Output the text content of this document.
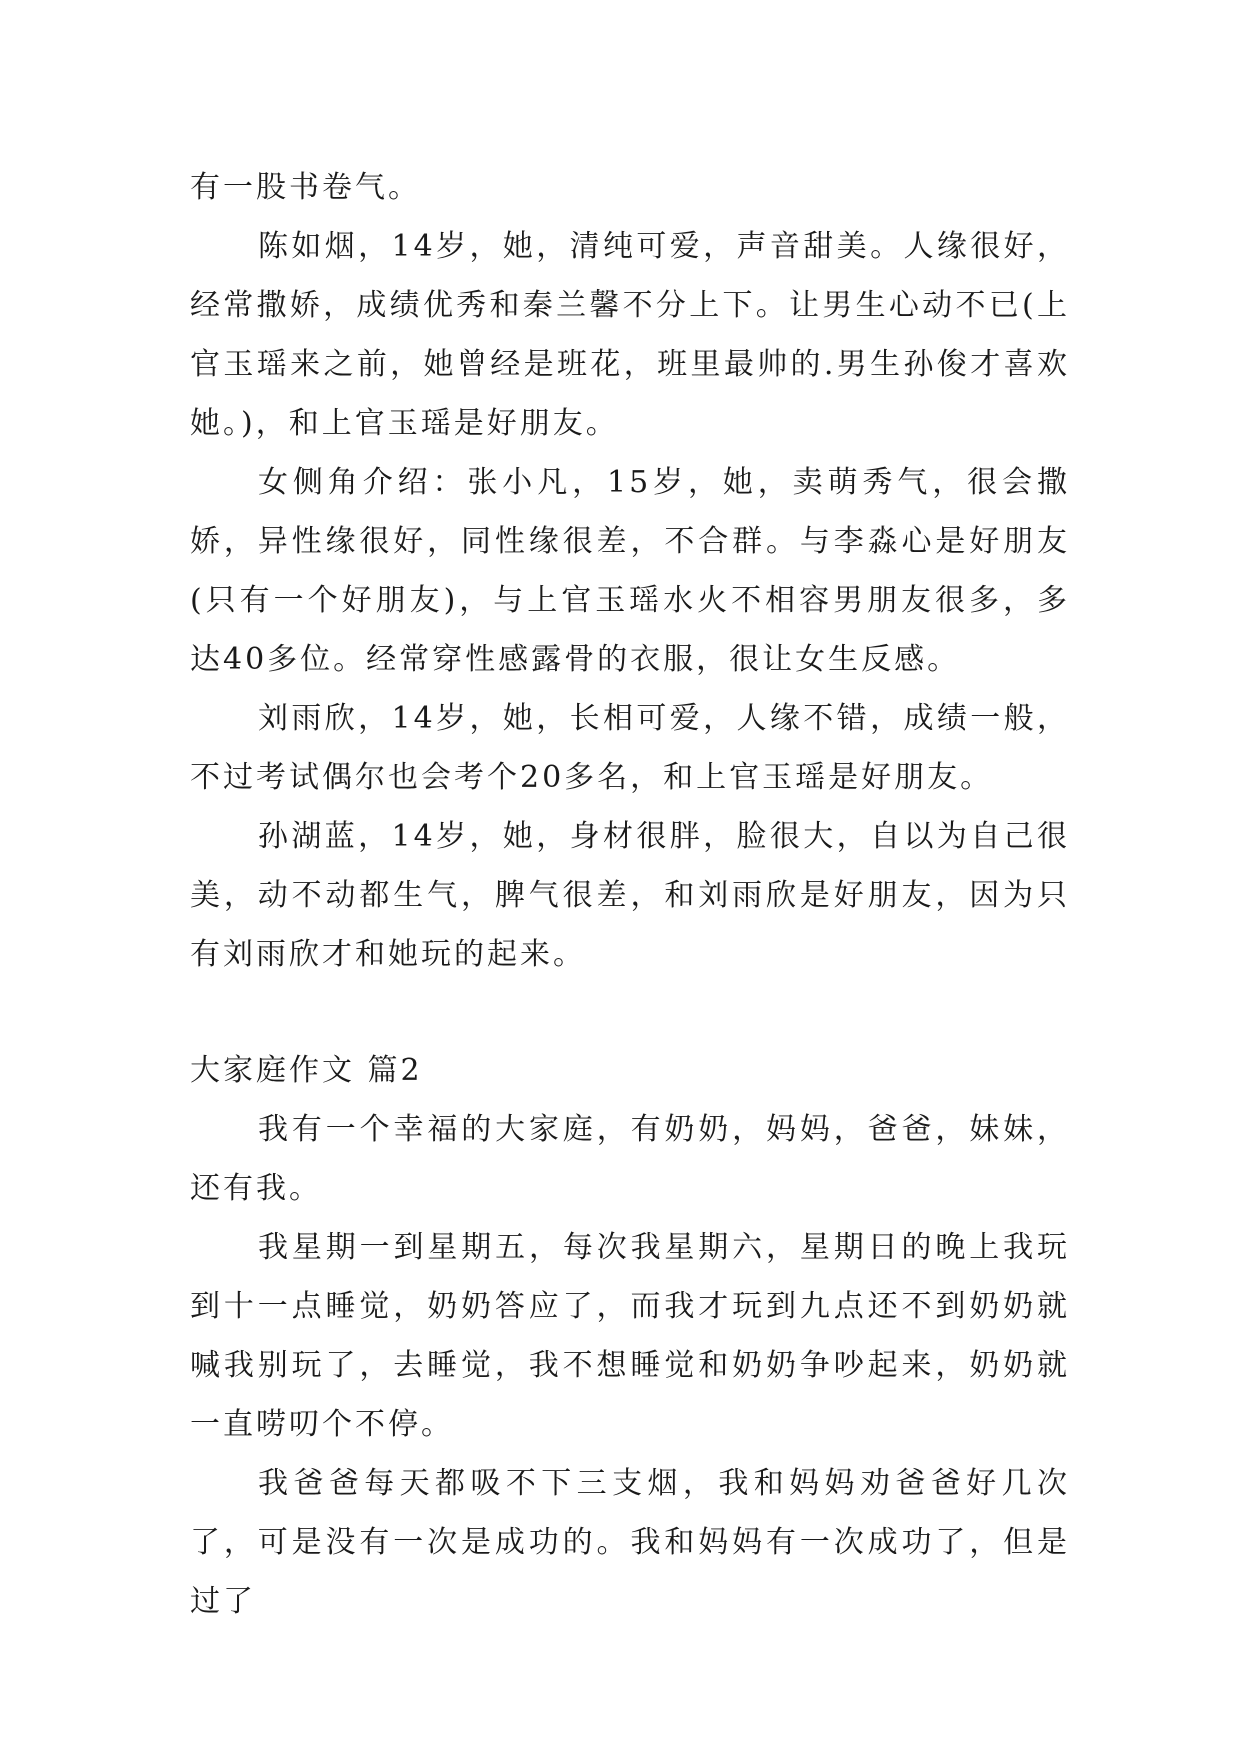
有一股书卷气。

陈如烟，14岁，她，清纯可爱，声音甜美。人缘很好，经常撒娇，成绩优秀和秦兰馨不分上下。让男生心动不已(上官玉瑶来之前，她曾经是班花，班里最帅的.男生孙俊才喜欢她。)，和上官玉瑶是好朋友。

女侧角介绍：张小凡，15岁，她，卖萌秀气，很会撒娇，异性缘很好，同性缘很差，不合群。与李淼心是好朋友(只有一个好朋友)，与上官玉瑶水火不相容男朋友很多，多达40多位。经常穿性感露骨的衣服，很让女生反感。

刘雨欣，14岁，她，长相可爱，人缘不错，成绩一般，不过考试偶尔也会考个20多名，和上官玉瑶是好朋友。

孙湖蓝，14岁，她，身材很胖，脸很大，自以为自己很美，动不动都生气，脾气很差，和刘雨欣是好朋友，因为只有刘雨欣才和她玩的起来。

大家庭作文 篇2

我有一个幸福的大家庭，有奶奶，妈妈，爸爸，妹妹，还有我。

我星期一到星期五，每次我星期六，星期日的晚上我玩到十一点睡觉，奶奶答应了，而我才玩到九点还不到奶奶就喊我别玩了，去睡觉，我不想睡觉和奶奶争吵起来，奶奶就一直唠叨个不停。

我爸爸每天都吸不下三支烟，我和妈妈劝爸爸好几次了，可是没有一次是成功的。我和妈妈有一次成功了，但是过了
